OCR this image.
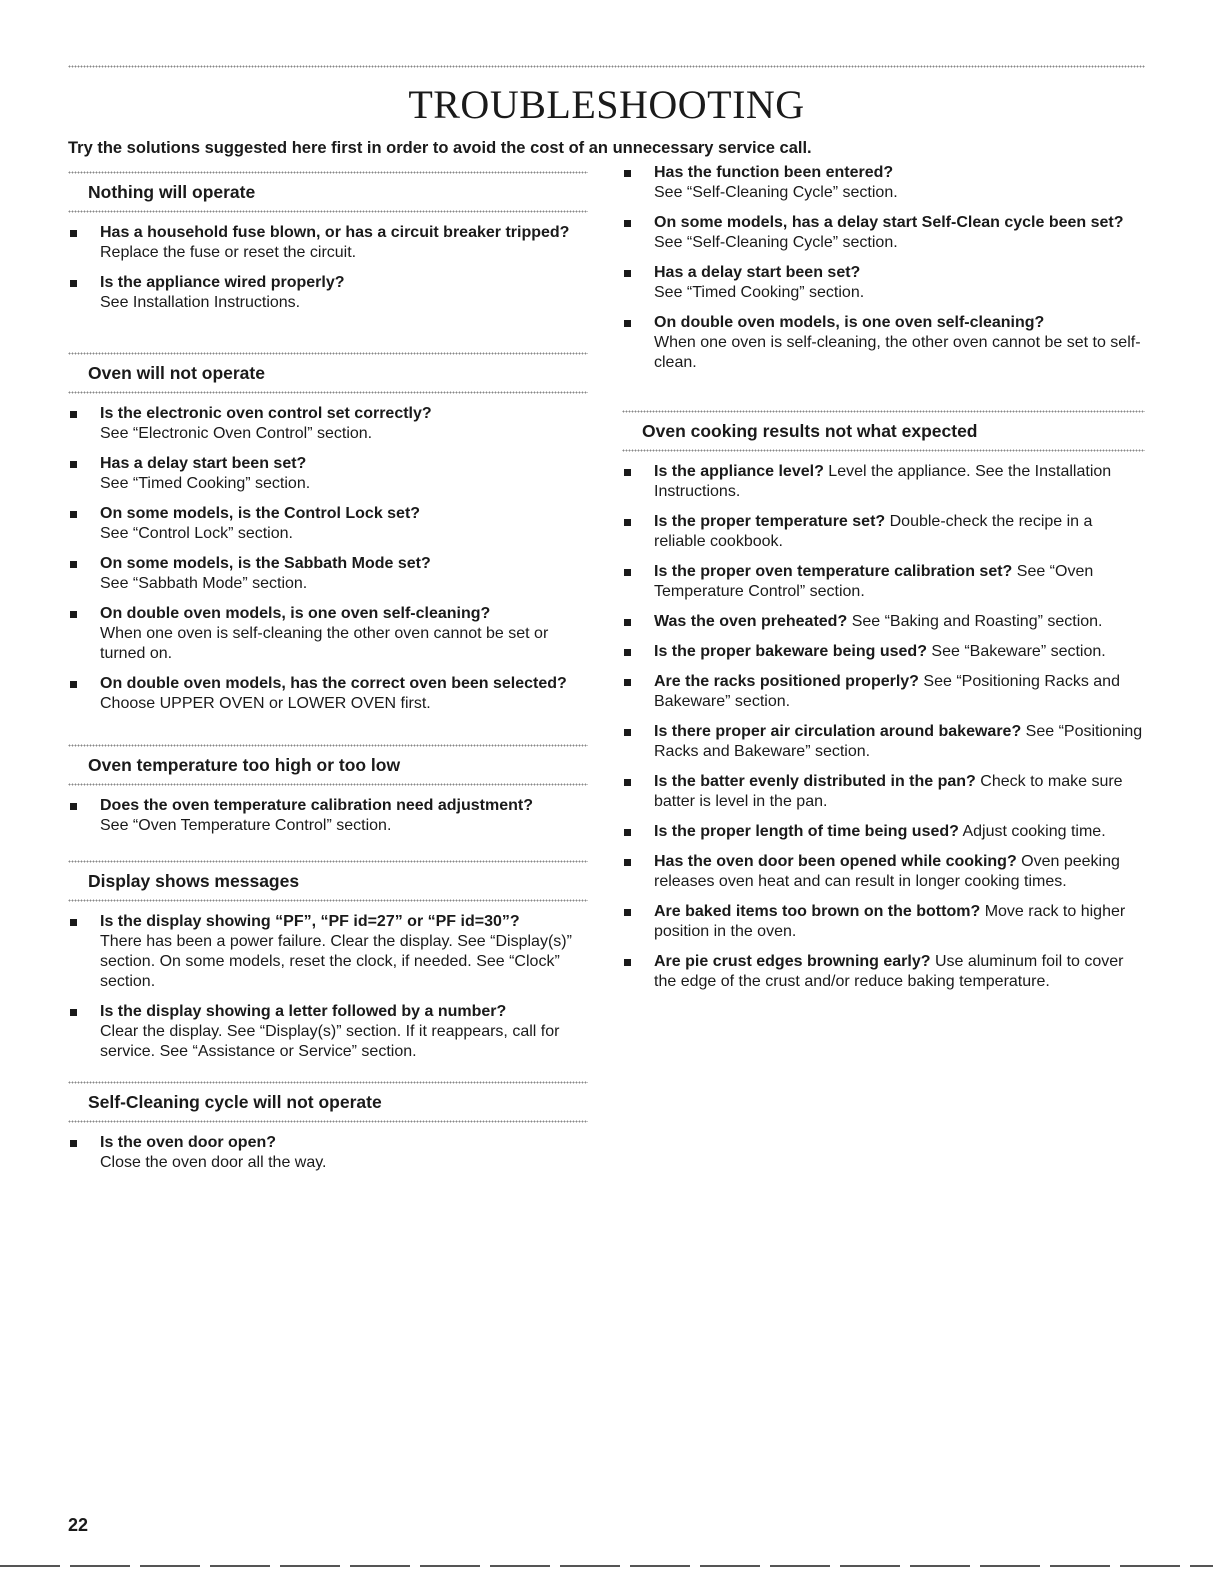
TROUBLESHOOTING

Try the solutions suggested here first in order to avoid the cost of an unnecessary service call.

Nothing will operate
Has a household fuse blown, or has a circuit breaker tripped?
Replace the fuse or reset the circuit.
Is the appliance wired properly?
See Installation Instructions.
Oven will not operate
Is the electronic oven control set correctly?
See “Electronic Oven Control” section.
Has a delay start been set?
See “Timed Cooking” section.
On some models, is the Control Lock set?
See “Control Lock” section.
On some models, is the Sabbath Mode set?
See “Sabbath Mode” section.
On double oven models, is one oven self-cleaning?
When one oven is self-cleaning the other oven cannot be set or turned on.
On double oven models, has the correct oven been selected?
Choose UPPER OVEN or LOWER OVEN first.
Oven temperature too high or too low
Does the oven temperature calibration need adjustment?
See “Oven Temperature Control” section.
Display shows messages
Is the display showing “PF”, “PF id=27” or “PF id=30”?
There has been a power failure. Clear the display. See “Display(s)” section. On some models, reset the clock, if needed. See “Clock” section.
Is the display showing a letter followed by a number?
Clear the display. See “Display(s)” section. If it reappears, call for service. See “Assistance or Service” section.
Self-Cleaning cycle will not operate
Is the oven door open?
Close the oven door all the way.
Has the function been entered?
See “Self-Cleaning Cycle” section.
On some models, has a delay start Self-Clean cycle been set?
See “Self-Cleaning Cycle” section.
Has a delay start been set?
See “Timed Cooking” section.
On double oven models, is one oven self-cleaning?
When one oven is self-cleaning, the other oven cannot be set to self-clean.
Oven cooking results not what expected
Is the appliance level? Level the appliance. See the Installation Instructions.
Is the proper temperature set? Double-check the recipe in a reliable cookbook.
Is the proper oven temperature calibration set? See “Oven Temperature Control” section.
Was the oven preheated? See “Baking and Roasting” section.
Is the proper bakeware being used? See “Bakeware” section.
Are the racks positioned properly? See “Positioning Racks and Bakeware” section.
Is there proper air circulation around bakeware? See “Positioning Racks and Bakeware” section.
Is the batter evenly distributed in the pan? Check to make sure batter is level in the pan.
Is the proper length of time being used? Adjust cooking time.
Has the oven door been opened while cooking? Oven peeking releases oven heat and can result in longer cooking times.
Are baked items too brown on the bottom? Move rack to higher position in the oven.
Are pie crust edges browning early? Use aluminum foil to cover the edge of the crust and/or reduce baking temperature.

22
